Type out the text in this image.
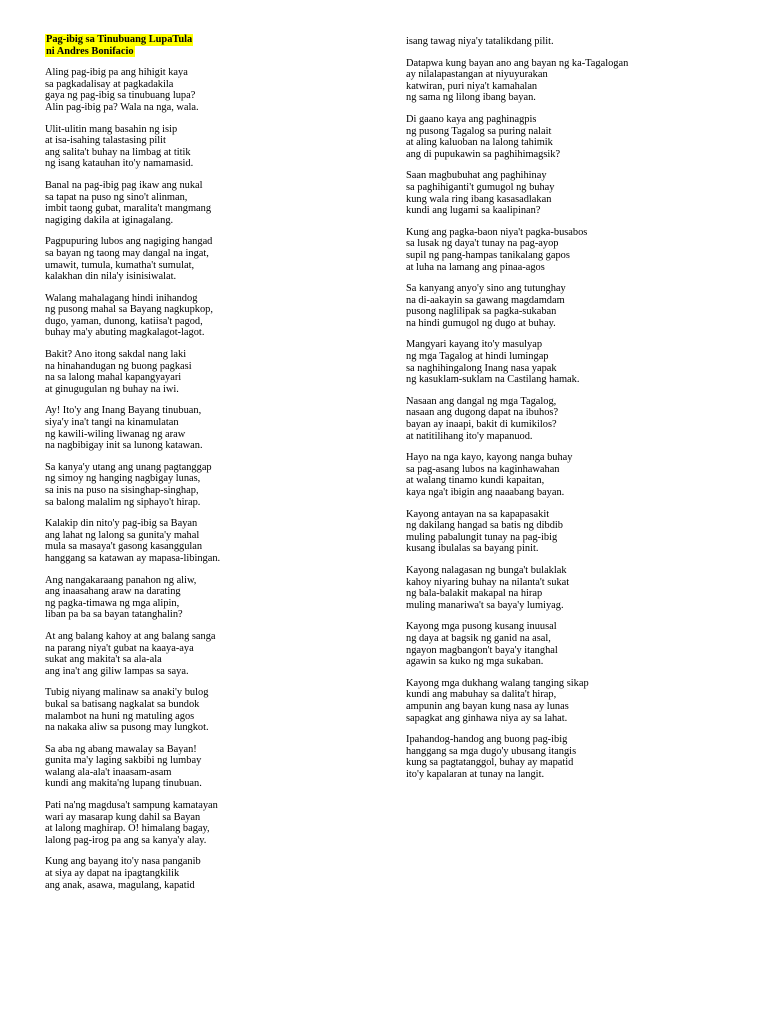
Pag-ibig sa Tinubuang LupaTula
ni Andres Bonifacio
Aling pag-ibig pa ang hihigit kaya
sa pagkadalisay at pagkadakila
gaya ng pag-ibig sa tinubuang lupa?
Alin pag-ibig pa? Wala na nga, wala.
Ulit-ulitin mang basahin ng isip
at isa-isahing talastasing pilit
ang salita't buhay na limbag at titik
ng isang katauhan ito'y namamasid.
Banal na pag-ibig pag ikaw ang nukal
sa tapat na puso ng sino't alinman,
imbit taong gubat, maralita't mangmang
nagiging dakila at iginagalang.
Pagpupuring lubos ang nagiging hangad
sa bayan ng taong may dangal na ingat,
umawit, tumula, kumatha't sumulat,
kalakhan din nila'y isinisiwalat.
Walang mahalagang hindi inihandog
ng pusong mahal sa Bayang nagkupkop,
dugo, yaman, dunong, katiisa't pagod,
buhay ma'y abuting magkalagot-lagot.
Bakit? Ano itong sakdal nang laki
na hinahandugan ng buong pagkasi
na sa lalong mahal kapangyayari
at ginugugulan ng buhay na iwi.
Ay! Ito'y ang Inang Bayang tinubuan,
siya'y ina't tangi na kinamulatan
ng kawili-wiling liwanag ng araw
na nagbibigay init sa lunong katawan.
Sa kanya'y utang ang unang pagtanggap
ng simoy ng hanging nagbigay lunas,
sa inis na puso na sisinghap-singhap,
sa balong malalim ng siphayo't hirap.
Kalakip din nito'y pag-ibig sa Bayan
ang lahat ng lalong sa gunita'y mahal
mula sa masaya't gasong kasanggulan
hanggang sa katawan ay mapasa-libingan.
Ang nangakaraang panahon ng aliw,
ang inaasahang araw na darating
ng pagka-timawa ng mga alipin,
liban pa ba sa bayan tatanghalin?
At ang balang kahoy at ang balang sanga
na parang niya't gubat na kaaya-aya
sukat ang makita't sa ala-ala
ang ina't ang giliw lampas sa saya.
Tubig niyang malinaw sa anaki'y bulog
bukal sa batisang nagkalat sa bundok
malambot na huni ng matuling agos
na nakaka aliw sa pusong may lungkot.
Sa aba ng abang mawalay sa Bayan!
gunita ma'y laging sakbibi ng lumbay
walang ala-ala't inaasam-asam
kundi ang makita'ng lupang tinubuan.
Pati na'ng magdusa't sampung kamatayan
wari ay masarap kung dahil sa Bayan
at lalong maghirap. O! himalang bagay,
lalong pag-irog pa ang sa kanya'y alay.
Kung ang bayang ito'y nasa panganib
at siya ay dapat na ipagtangkilik
ang anak, asawa, magulang, kapatid
isang tawag niya'y tatalikdang pilit.
Datapwa kung bayan ano ang bayan ng ka-Tagalogan
ay nilalapastangan at niyuyurakan
katwiran, puri niya't kamahalan
ng sama ng lilong ibang bayan.
Di gaano kaya ang paghinagpis
ng pusong Tagalog sa puring nalait
at aling kaluoban na lalong tahimik
ang di pupukawin sa paghihimagsik?
Saan magbubuhat ang paghihinay
sa paghihiganti't gumugol ng buhay
kung wala ring ibang kasasadlakan
kundi ang lugami sa kaalipinan?
Kung ang pagka-baon niya't pagka-busabos
sa lusak ng daya't tunay na pag-ayop
supil ng pang-hampas tanikalang gapos
at luha na lamang ang pinaa-agos
Sa kanyang anyo'y sino ang tutunghay
na di-aakayin sa gawang magdamdam
pusong naglilipak sa pagka-sukaban
na hindi gumugol ng dugo at buhay.
Mangyari kayang ito'y masulyap
ng mga Tagalog at hindi lumingap
sa naghihingalong Inang nasa yapak
ng kasuklam-suklam na Castilang hamak.
Nasaan ang dangal ng mga Tagalog,
nasaan ang dugong dapat na ibuhos?
bayan ay inaapi, bakit di kumikilos?
at natitilihang ito'y mapanuod.
Hayo na nga kayo, kayong nanga buhay
sa pag-asang lubos na kaginhawahan
at walang tinamo kundi kapaitan,
kaya nga't ibigin ang naaabang bayan.
Kayong antayan na sa kapapasakit
ng dakilang hangad sa batis ng dibdib
muling pabalungit tunay na pag-ibig
kusang ibulalas sa bayang pinit.
Kayong nalagasan ng bunga't bulaklak
kahoy niyaring buhay na nilanta't sukat
ng bala-balakit makapal na hirap
muling manariwa't sa baya'y lumiyag.
Kayong mga pusong kusang inuusal
ng daya at bagsik ng ganid na asal,
ngayon magbangon't baya'y itanghal
agawin sa kuko ng mga sukaban.
Kayong mga dukhang walang tanging sikap
kundi ang mabuhay sa dalita't hirap,
ampunin ang bayan kung nasa ay lunas
sapagkat ang ginhawa niya ay sa lahat.
Ipahandog-handog ang buong pag-ibig
hanggang sa mga dugo'y ubusang itangis
kung sa pagtatanggol, buhay ay mapatid
ito'y kapalaran at tunay na langit.
